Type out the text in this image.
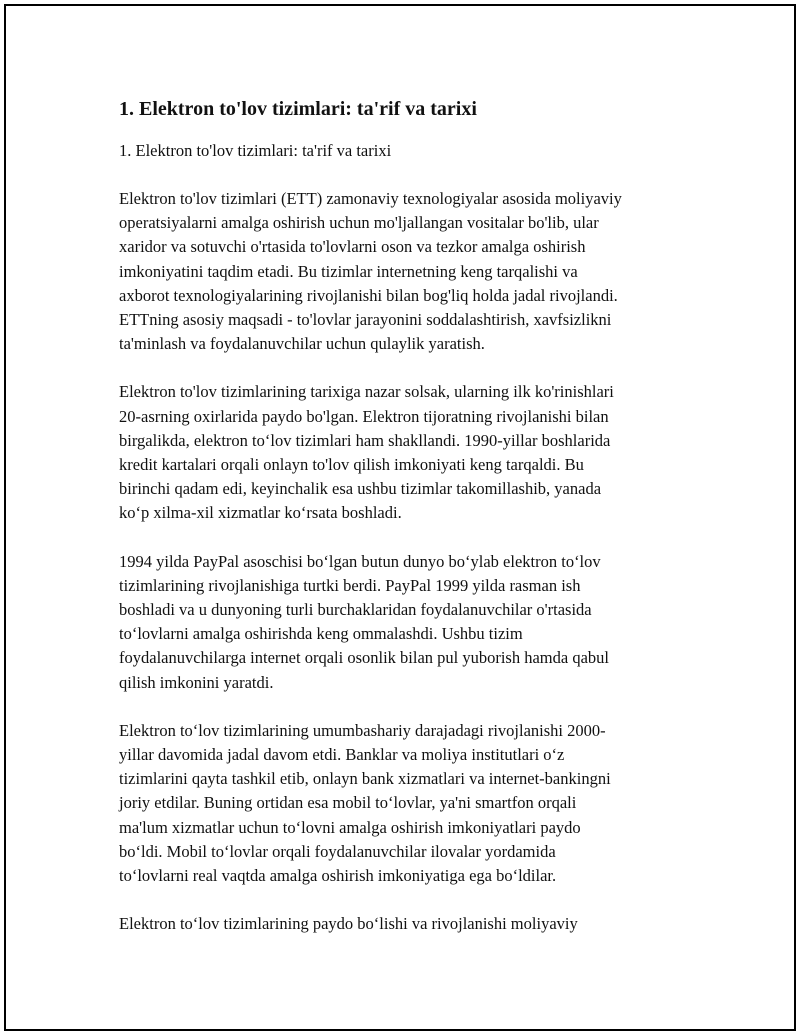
1. Elektron to'lov tizimlari: ta'rif va tarixi
1. Elektron to'lov tizimlari: ta'rif va tarixi
Elektron to'lov tizimlari (ETT) zamonaviy texnologiyalar asosida moliyaviy
operatsiyalarni amalga oshirish uchun mo'ljallangan vositalar bo'lib, ular
xaridor va sotuvchi o'rtasida to'lovlarni oson va tezkor amalga oshirish
imkoniyatini taqdim etadi. Bu tizimlar internetning keng tarqalishi va
axborot texnologiyalarining rivojlanishi bilan bog'liq holda jadal rivojlandi.
ETTning asosiy maqsadi - to'lovlar jarayonini soddalashtirish, xavfsizlikni
ta'minlash va foydalanuvchilar uchun qulaylik yaratish.
Elektron to'lov tizimlarining tarixiga nazar solsak, ularning ilk ko'rinishlari
20-asrning oxirlarida paydo bo'lgan. Elektron tijoratning rivojlanishi bilan
birgalikda, elektron to‘lov tizimlari ham shakllandi. 1990-yillar boshlarida
kredit kartalari orqali onlayn to'lov qilish imkoniyati keng tarqaldi. Bu
birinchi qadam edi, keyinchalik esa ushbu tizimlar takomillashib, yanada
ko‘p xilma-xil xizmatlar ko‘rsata boshladi.
1994 yilda PayPal asoschisi bo‘lgan butun dunyo bo‘ylab elektron to‘lov
tizimlarining rivojlanishiga turtki berdi. PayPal 1999 yilda rasman ish
boshladi va u dunyoning turli burchaklaridan foydalanuvchilar o'rtasida
to‘lovlarni amalga oshirishda keng ommalashdi. Ushbu tizim
foydalanuvchilarga internet orqali osonlik bilan pul yuborish hamda qabul
qilish imkonini yaratdi.
Elektron to‘lov tizimlarining umumbashariy darajadagi rivojlanishi 2000-
yillar davomida jadal davom etdi. Banklar va moliya institutlari o‘z
tizimlarini qayta tashkil etib, onlayn bank xizmatlari va internet-bankingni
joriy etdilar. Buning ortidan esa mobil to‘lovlar, ya'ni smartfon orqali
ma'lum xizmatlar uchun to‘lovni amalga oshirish imkoniyatlari paydo
bo‘ldi. Mobil to‘lovlar orqali foydalanuvchilar ilovalar yordamida
to‘lovlarni real vaqtda amalga oshirish imkoniyatiga ega bo‘ldilar.
Elektron to‘lov tizimlarining paydo bo‘lishi va rivojlanishi moliyaviy
